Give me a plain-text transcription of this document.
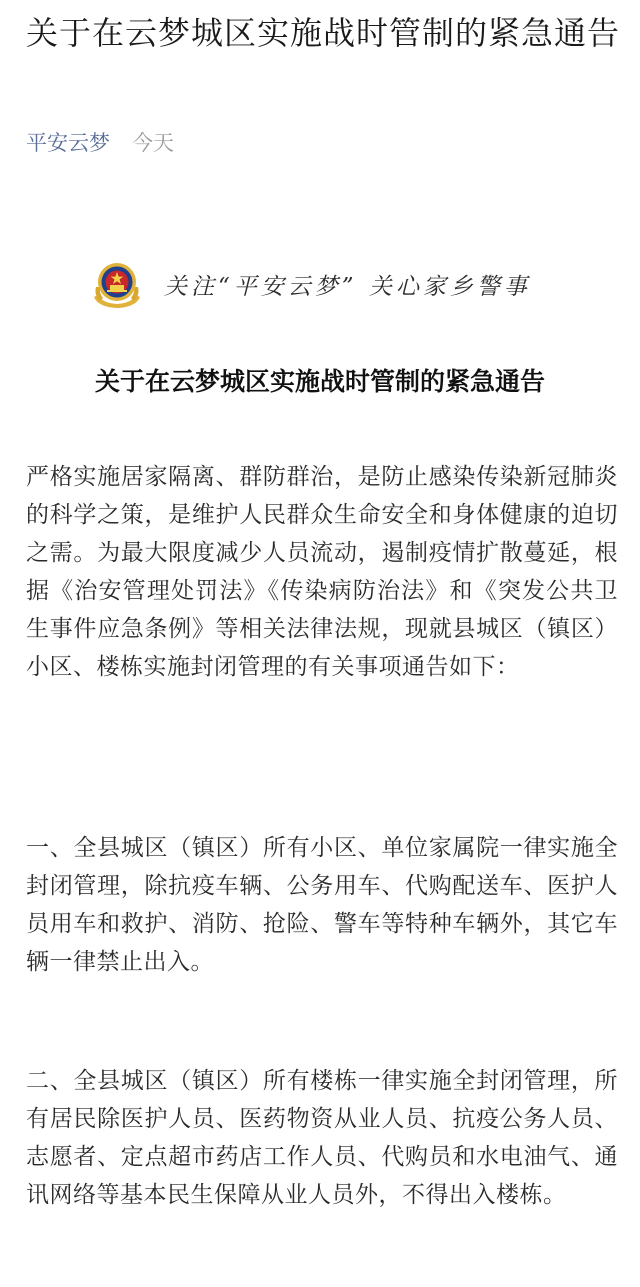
关于在云梦城区实施战时管制的紧急通告
平安云梦 今天
关注“平安云梦” 关心家乡警事
关于在云梦城区实施战时管制的紧急通告

严格实施居家隔离、群防群治，是防止感染传染新冠肺炎的科学之策，是维护人民群众生命安全和身体健康的迫切之需。为最大限度减少人员流动，遏制疫情扩散蔓延，根据《治安管理处罚法》《传染病防治法》和《突发公共卫生事件应急条例》等相关法律法规，现就县城区（镇区）小区、楼栋实施封闭管理的有关事项通告如下：

一、全县城区（镇区）所有小区、单位家属院一律实施全封闭管理，除抗疫车辆、公务用车、代购配送车、医护人员用车和救护、消防、抢险、警车等特种车辆外，其它车辆一律禁止出入。

二、全县城区（镇区）所有楼栋一律实施全封闭管理，所有居民除医护人员、医药物资从业人员、抗疫公务人员、志愿者、定点超市药店工作人员、代购员和水电油气、通讯网络等基本民生保障从业人员外，不得出入楼栋。
